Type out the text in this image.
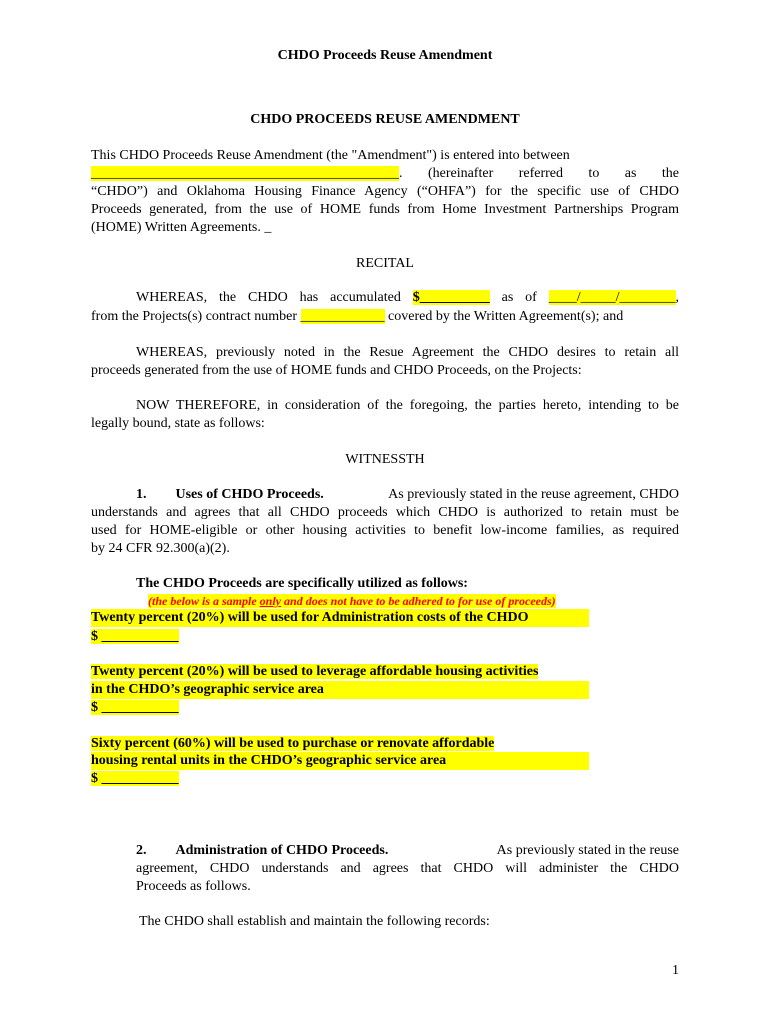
CHDO Proceeds Reuse Amendment
CHDO PROCEEDS REUSE AMENDMENT
This CHDO Proceeds Reuse Amendment (the "Amendment") is entered into between
____________________________________________. (hereinafter referred to as the
“CHDO”) and Oklahoma Housing Finance Agency (“OHFA”) for the specific use of CHDO
Proceeds generated, from the use of HOME funds from Home Investment Partnerships Program
(HOME) Written Agreements. _
RECITAL
WHEREAS, the CHDO has accumulated $__________ as of ____/_____/________,
from the Projects(s) contract number ____________ covered by the Written Agreement(s); and
WHEREAS, previously noted in the Resue Agreement the CHDO desires to retain all
proceeds generated from the use of HOME funds and CHDO Proceeds, on the Projects:
NOW THEREFORE, in consideration of the foregoing, the parties hereto, intending to be
legally bound, state as follows:
WITNESSTH
1. Uses of CHDO Proceeds.	As previously stated in the reuse agreement, CHDO
understands and agrees that all CHDO proceeds which CHDO is authorized to retain must be
used for HOME-eligible or other housing activities to benefit low-income families, as required
by 24 CFR 92.300(a)(2).
The CHDO Proceeds are specifically utilized as follows:
(the below is a sample only and does not have to be adhered to for use of proceeds)
Twenty percent (20%) will be used for Administration costs of the CHDO
$ ___________
Twenty percent (20%) will be used to leverage affordable housing activities
in the CHDO’s geographic service area
$ ___________
Sixty percent (60%) will be used to purchase or renovate affordable
housing rental units in the CHDO’s geographic service area
$ ___________
2. Administration of CHDO Proceeds.	As previously stated in the reuse
agreement, CHDO understands and agrees that CHDO will administer the CHDO
Proceeds as follows.
The CHDO shall establish and maintain the following records:
1
